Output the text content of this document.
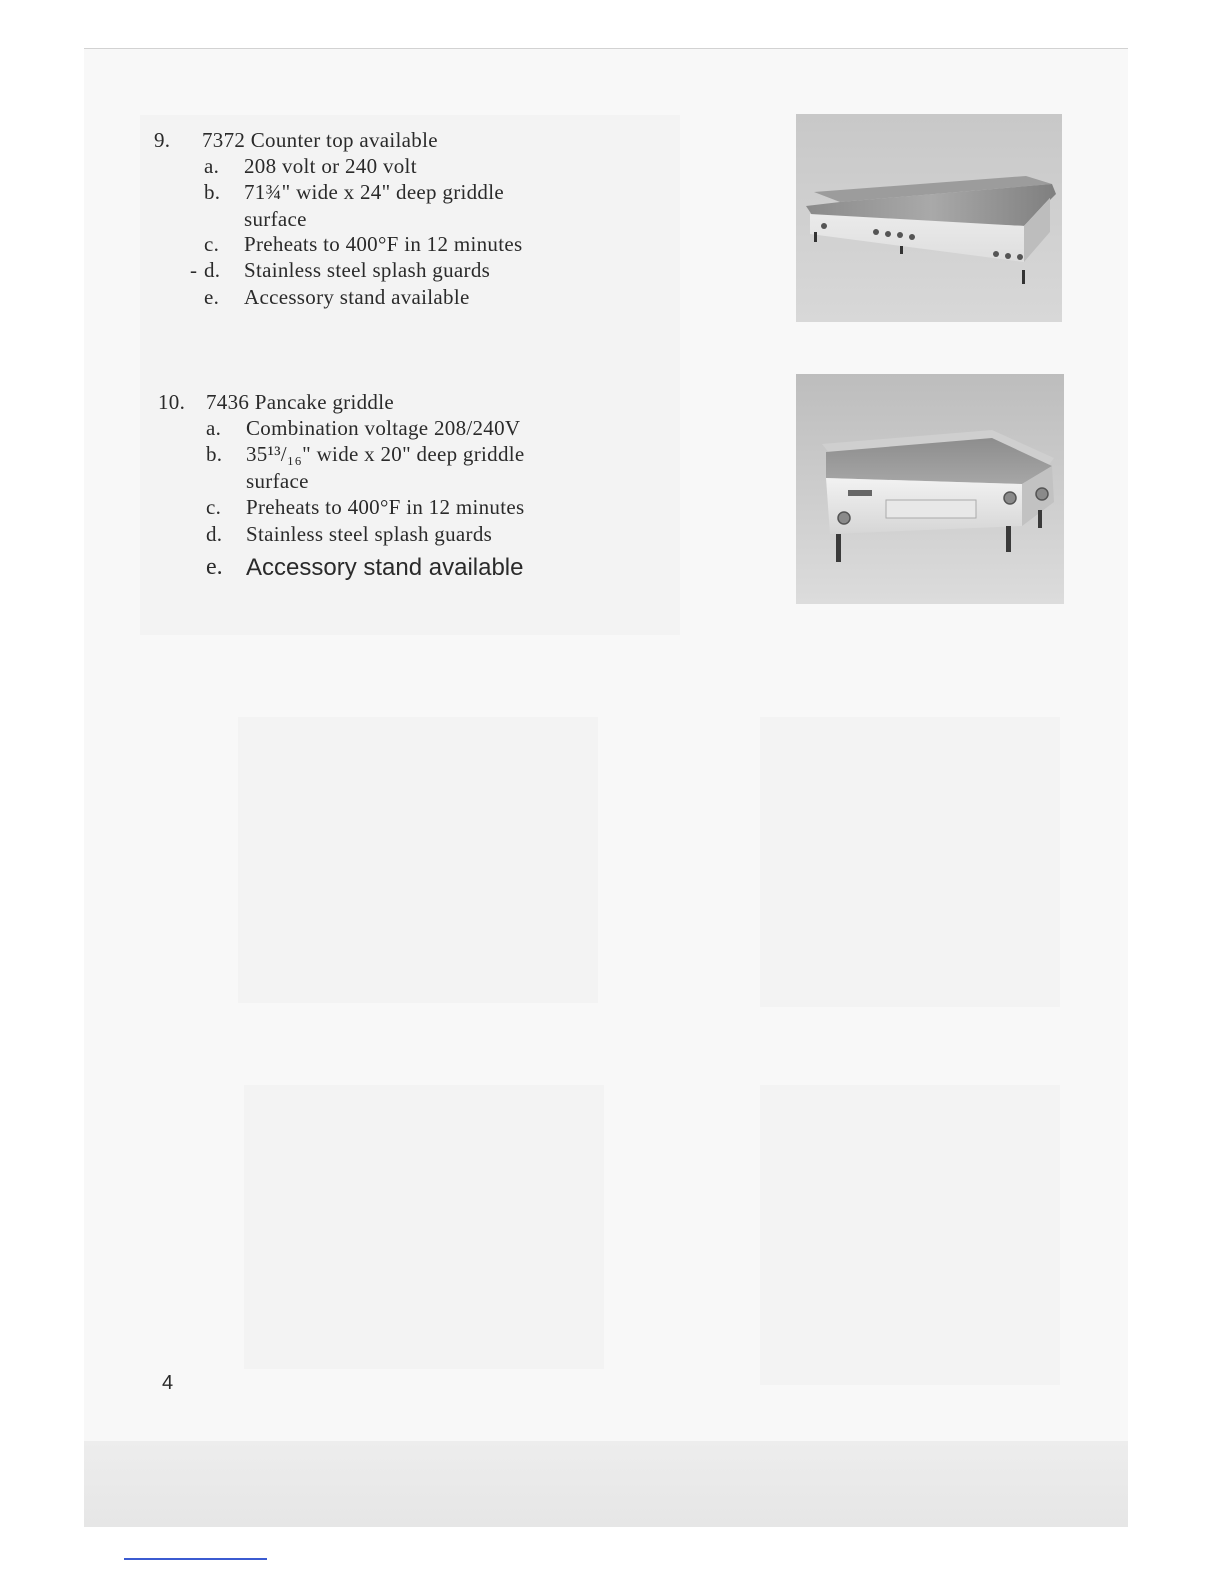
9. 7372 Counter top available
a. 208 volt or 240 volt
b. 71¾" wide x 24" deep griddle
surface
c. Preheats to 400°F in 12 minutes
- d. Stainless steel splash guards
e. Accessory stand available
10. 7436 Pancake griddle
a. Combination voltage 208/240V
b. 35¹³/₁₆" wide x 20" deep griddle
surface
c. Preheats to 400°F in 12 minutes
d. Stainless steel splash guards
e. Accessory stand available
4
